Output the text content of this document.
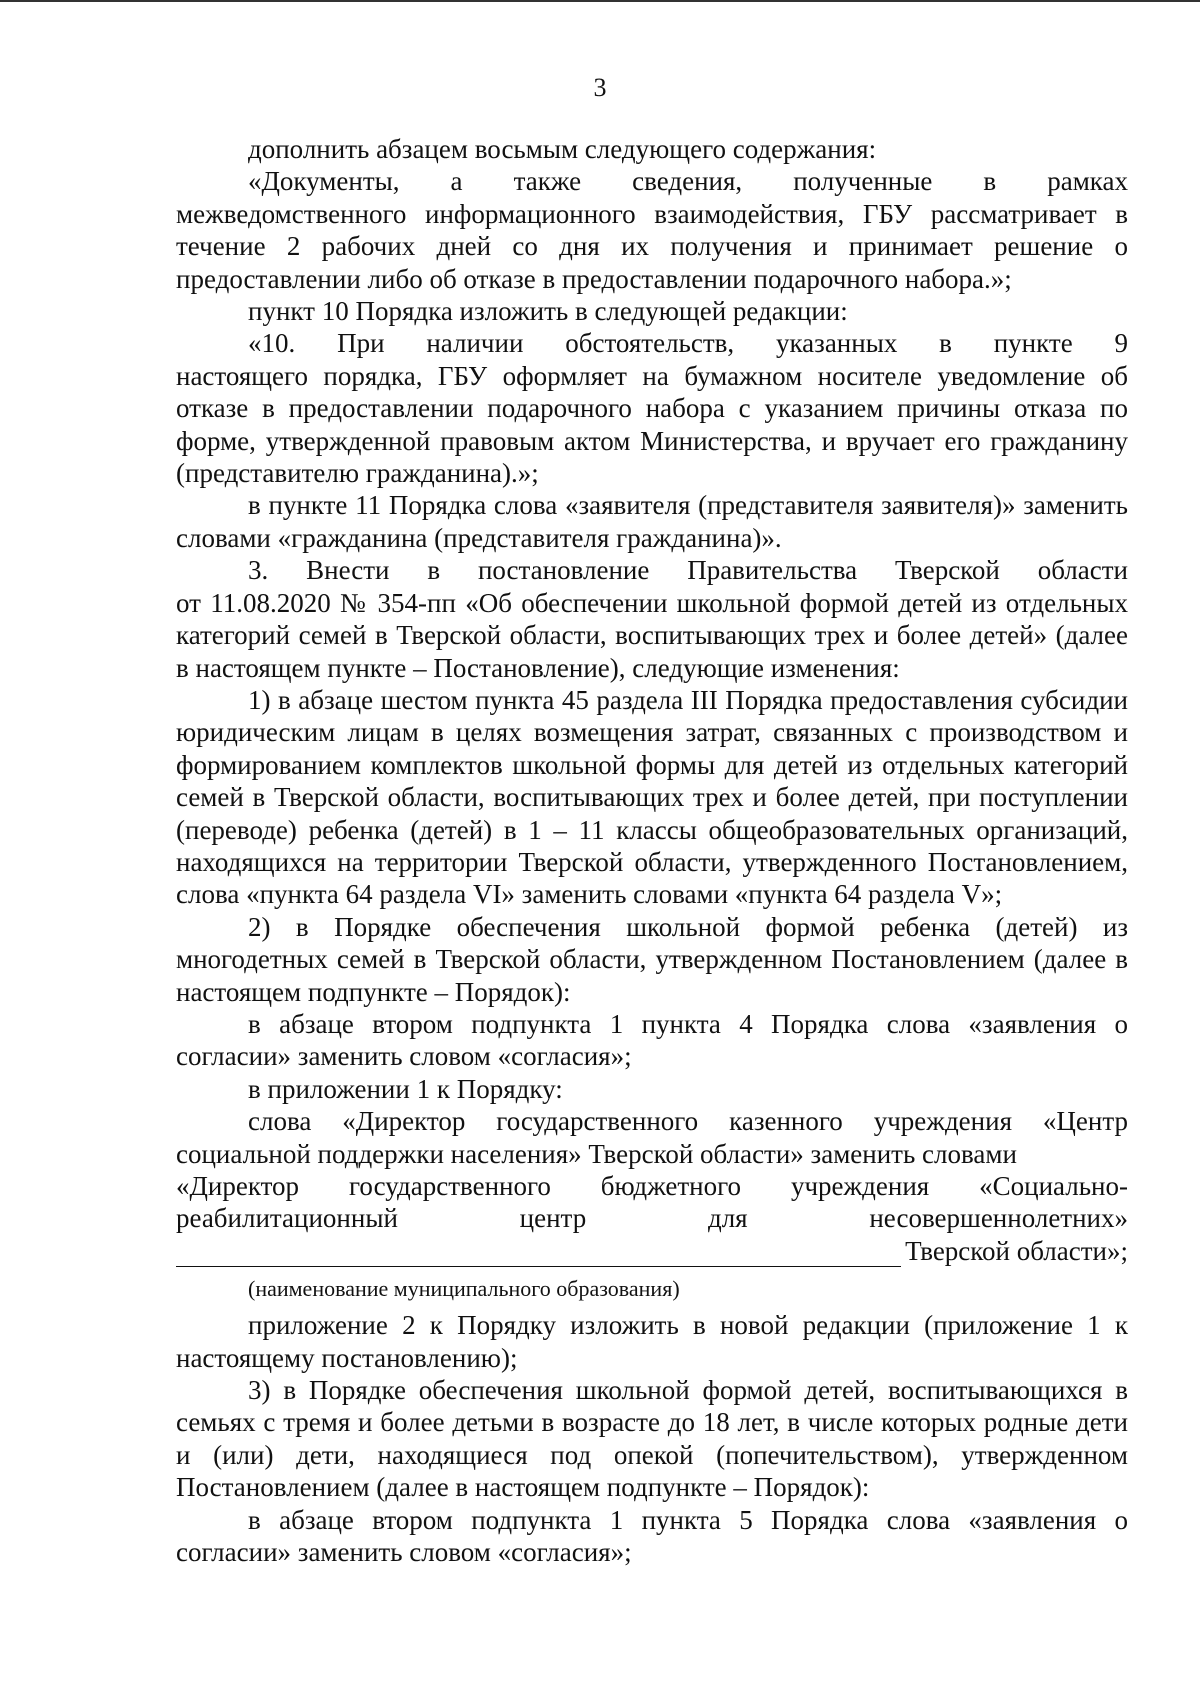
3

дополнить абзацем восьмым следующего содержания:

«Документы, а также сведения, полученные в рамках

межведомственного информационного взаимодействия, ГБУ рассматривает в течение 2 рабочих дней со дня их получения и принимает решение о предоставлении либо об отказе в предоставлении подарочного набора.»;

пункт 10 Порядка изложить в следующей редакции:

«10. При наличии обстоятельств, указанных в пункте 9

настоящего порядка, ГБУ оформляет на бумажном носителе уведомление об отказе в предоставлении подарочного набора с указанием причины отказа по форме, утвержденной правовым актом Министерства, и вручает его гражданину (представителю гражданина).»;

в пункте 11 Порядка слова «заявителя (представителя заявителя)» заменить словами «гражданина (представителя гражданина)».

3. Внести в постановление Правительства Тверской области

от 11.08.2020 № 354-пп «Об обеспечении школьной формой детей из отдельных категорий семей в Тверской области, воспитывающих трех и более детей» (далее в настоящем пункте – Постановление), следующие изменения:

1) в абзаце шестом пункта 45 раздела III Порядка предоставления субсидии юридическим лицам в целях возмещения затрат, связанных с производством и формированием комплектов школьной формы для детей из отдельных категорий семей в Тверской области, воспитывающих трех и более детей, при поступлении (переводе) ребенка (детей) в 1 – 11 классы общеобразовательных организаций, находящихся на территории Тверской области, утвержденного Постановлением, слова «пункта 64 раздела VI» заменить словами «пункта 64 раздела V»;

2) в Порядке обеспечения школьной формой ребенка (детей) из многодетных семей в Тверской области, утвержденном Постановлением (далее в настоящем подпункте – Порядок):

в абзаце втором подпункта 1 пункта 4 Порядка слова «заявления о согласии» заменить словом «согласия»;

в приложении 1 к Порядку:

слова «Директор государственного казенного учреждения «Центр социальной поддержки населения» Тверской области» заменить словами

«Директор государственного бюджетного учреждения «Социально-

реабилитационный центр для несовершеннолетних»

Тверской области»;
(наименование муниципального образования)

приложение 2 к Порядку изложить в новой редакции (приложение 1 к настоящему постановлению);

3) в Порядке обеспечения школьной формой детей, воспитывающихся в семьях с тремя и более детьми в возрасте до 18 лет, в числе которых родные дети и (или) дети, находящиеся под опекой (попечительством), утвержденном Постановлением (далее в настоящем подпункте – Порядок):

в абзаце втором подпункта 1 пункта 5 Порядка слова «заявления о согласии» заменить словом «согласия»;
